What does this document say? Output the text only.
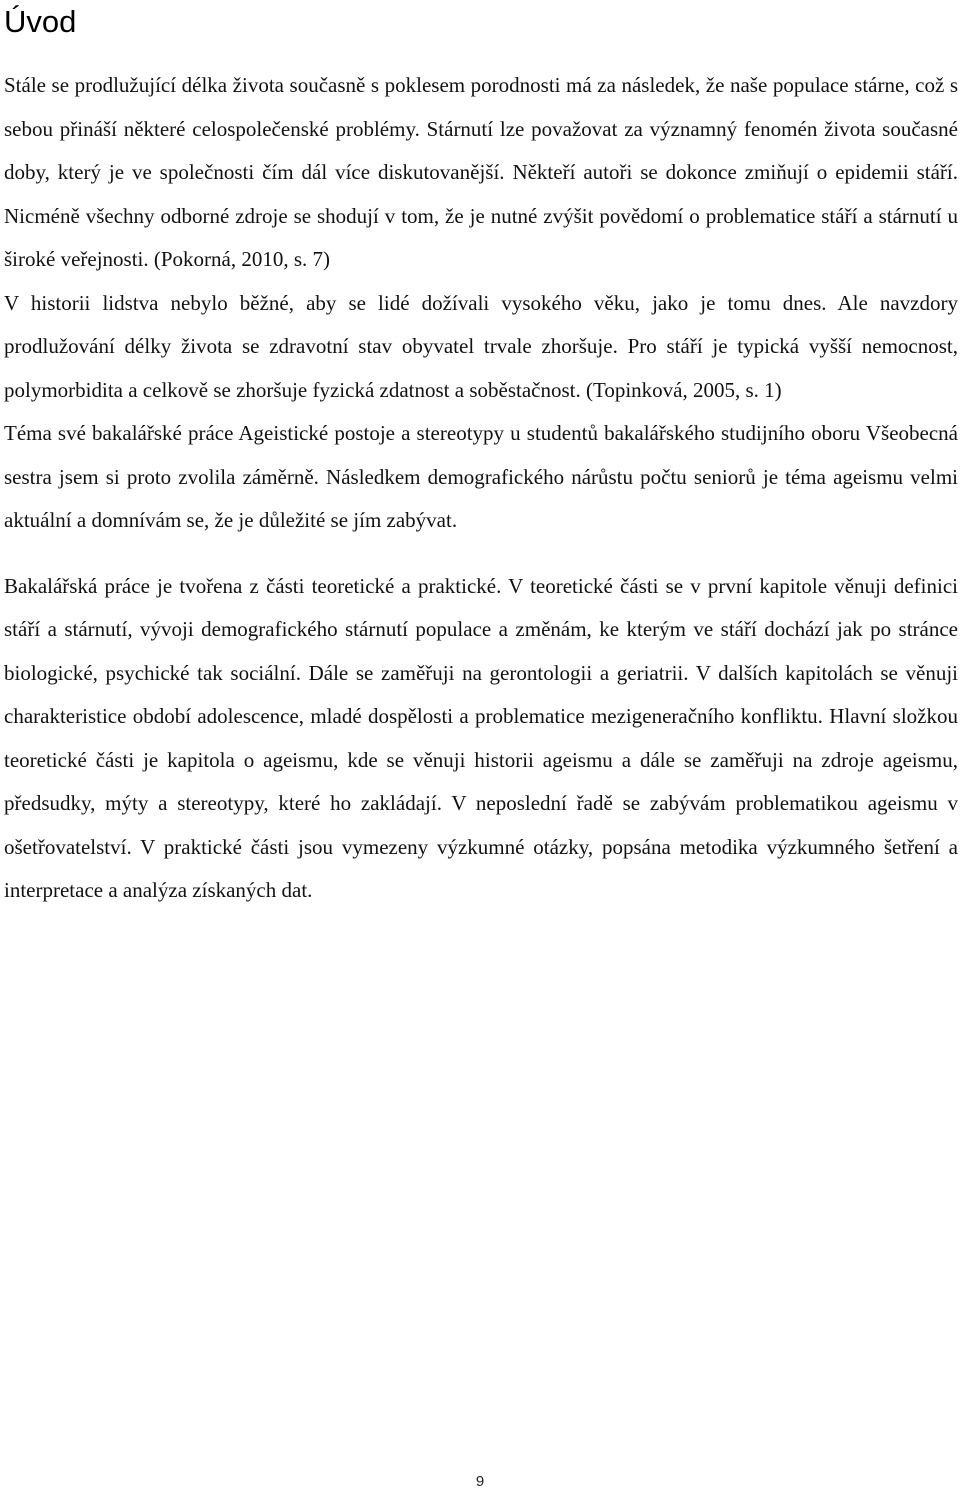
Úvod

Stále se prodlužující délka života současně s poklesem porodnosti má za následek, že naše populace stárne, což s sebou přináší některé celospolečenské problémy. Stárnutí lze považovat za významný fenomén života současné doby, který je ve společnosti čím dál více diskutovanější. Někteří autoři se dokonce zmiňují o epidemii stáří. Nicméně všechny odborné zdroje se shodují v tom, že je nutné zvýšit povědomí o problematice stáří a stárnutí u široké veřejnosti. (Pokorná, 2010, s. 7)

V historii lidstva nebylo běžné, aby se lidé dožívali vysokého věku, jako je tomu dnes. Ale navzdory prodlužování délky života se zdravotní stav obyvatel trvale zhoršuje. Pro stáří je typická vyšší nemocnost, polymorbidita a celkově se zhoršuje fyzická zdatnost a soběstačnost. (Topinková, 2005, s. 1)

Téma své bakalářské práce Ageistické postoje a stereotypy u studentů bakalářského studijního oboru Všeobecná sestra jsem si proto zvolila záměrně. Následkem demografického nárůstu počtu seniorů je téma ageismu velmi aktuální a domnívám se, že je důležité se jím zabývat.

Bakalářská práce je tvořena z části teoretické a praktické. V teoretické části se v první kapitole věnuji definici stáří a stárnutí, vývoji demografického stárnutí populace a změnám, ke kterým ve stáří dochází jak po stránce biologické, psychické tak sociální. Dále se zaměřuji na gerontologii a geriatrii. V dalších kapitolách se věnuji charakteristice období adolescence, mladé dospělosti a problematice mezigeneračního konfliktu. Hlavní složkou teoretické části je kapitola o ageismu, kde se věnuji historii ageismu a dále se zaměřuji na zdroje ageismu, předsudky, mýty a stereotypy, které ho zakládají. V neposlední řadě se zabývám problematikou ageismu v ošetřovatelství. V praktické části jsou vymezeny výzkumné otázky, popsána metodika výzkumného šetření a interpretace a analýza získaných dat.

9
